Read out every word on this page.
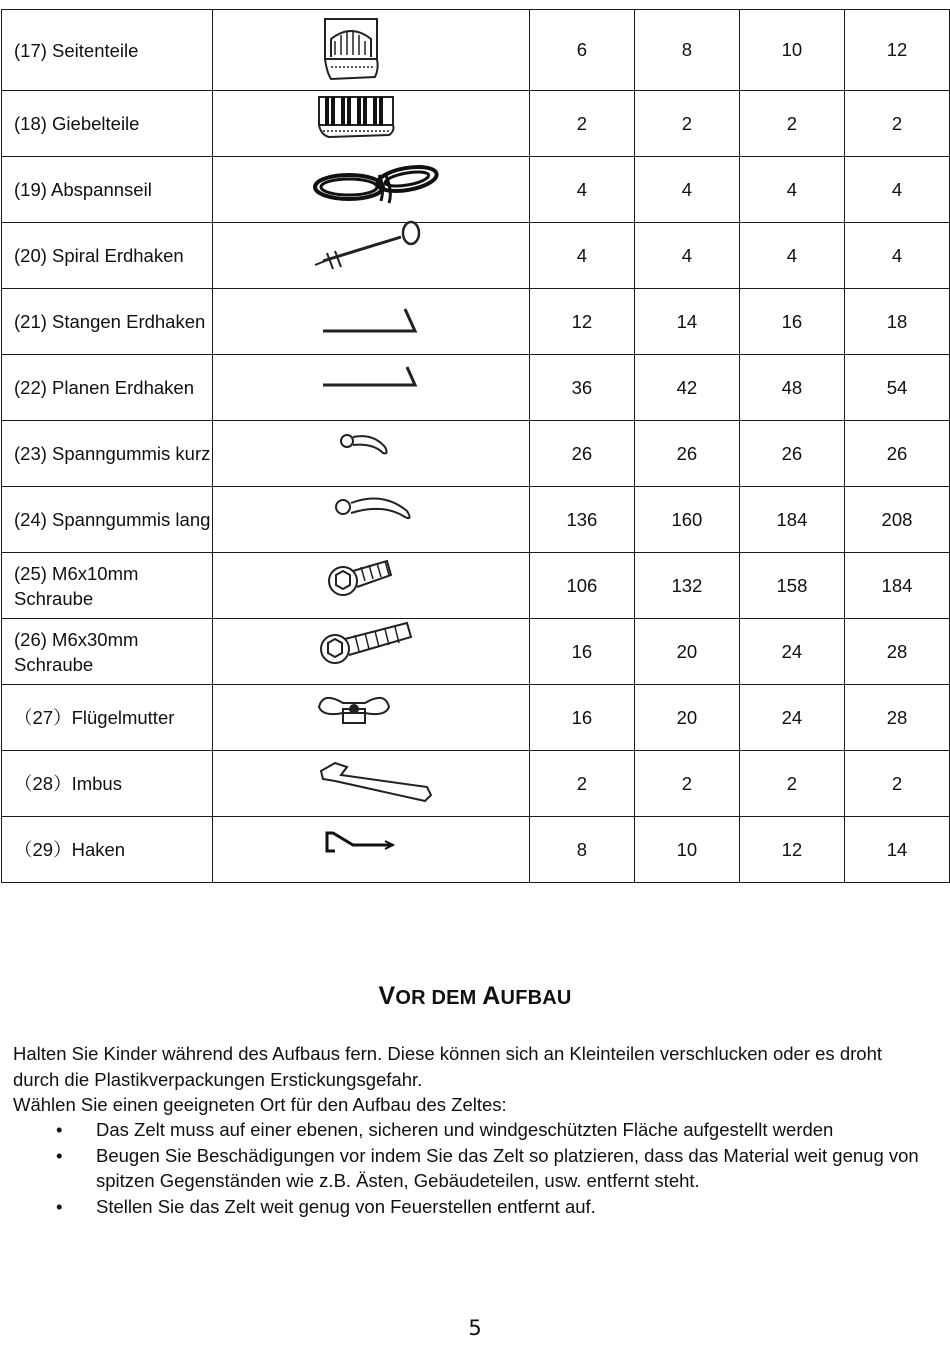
(17) Seitenteile		6	8	10	12
(18) Giebelteile		2	2	2	2
(19) Abspannseil		4	4	4	4
(20) Spiral Erdhaken		4	4	4	4
(21) Stangen Erdhaken		12	14	16	18
(22) Planen Erdhaken		36	42	48	54
(23) Spanngummis kurz		26	26	26	26
(24) Spanngummis lang		136	160	184	208
(25) M6x10mm Schraube		106	132	158	184
(26) M6x30mm Schraube		16	20	24	28
（27）Flügelmutter		16	20	24	28
（28）Imbus		2	2	2	2
（29）Haken		8	10	12	14
VOR DEM AUFBAU
Halten Sie Kinder während des Aufbaus fern. Diese können sich an Kleinteilen verschlucken oder es droht durch die Plastikverpackungen Erstickungsgefahr.
Wählen Sie einen geeigneten Ort für den Aufbau des Zeltes:
• Das Zelt muss auf einer ebenen, sicheren und windgeschützten Fläche aufgestellt werden
• Beugen Sie Beschädigungen vor indem Sie das Zelt so platzieren, dass das Material weit genug von spitzen Gegenständen wie z.B. Ästen, Gebäudeteilen, usw. entfernt steht.
• Stellen Sie das Zelt weit genug von Feuerstellen entfernt auf.
5
